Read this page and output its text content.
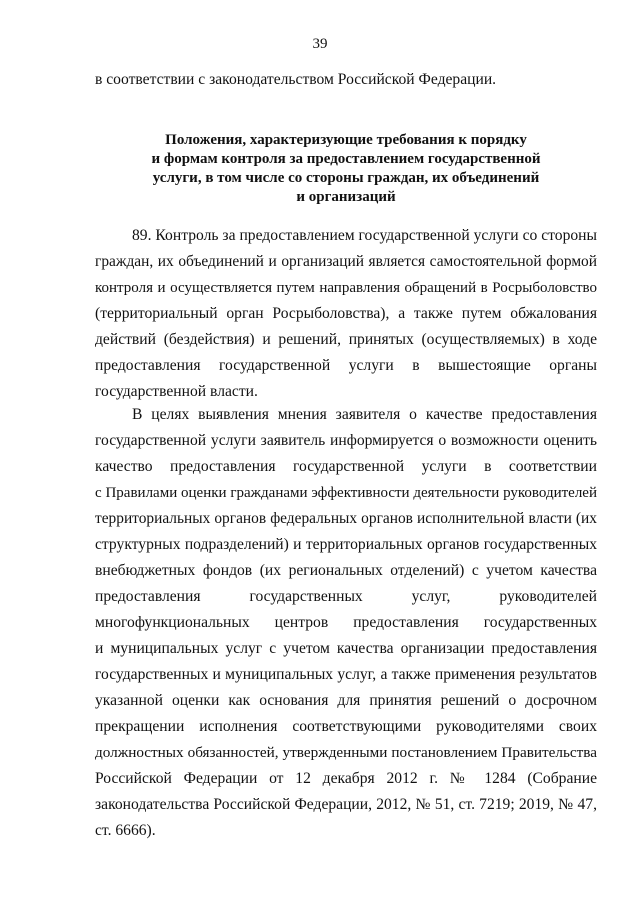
39
в соответствии с законодательством Российской Федерации.
Положения, характеризующие требования к порядку
и формам контроля за предоставлением государственной
услуги, в том числе со стороны граждан, их объединений
и организаций
89. Контроль за предоставлением государственной услуги со стороны
граждан, их объединений и организаций является самостоятельной формой
контроля и осуществляется путем направления обращений в Росрыболовство
(территориальный орган Росрыболовства), а также путем обжалования
действий (бездействия) и решений, принятых (осуществляемых) в ходе
предоставления государственной услуги в вышестоящие органы
государственной власти.
В целях выявления мнения заявителя о качестве предоставления
государственной услуги заявитель информируется о возможности оценить
качество предоставления государственной услуги в соответствии
с Правилами оценки гражданами эффективности деятельности руководителей
территориальных органов федеральных органов исполнительной власти (их
структурных подразделений) и территориальных органов государственных
внебюджетных фондов (их региональных отделений) с учетом качества
предоставления государственных услуг, руководителей
многофункциональных центров предоставления государственных
и муниципальных услуг с учетом качества организации предоставления
государственных и муниципальных услуг, а также применения результатов
указанной оценки как основания для принятия решений о досрочном
прекращении исполнения соответствующими руководителями своих
должностных обязанностей, утвержденными постановлением Правительства
Российской Федерации от 12 декабря 2012 г. № 1284 (Собрание
законодательства Российской Федерации, 2012, № 51, ст. 7219; 2019, № 47,
ст. 6666).
